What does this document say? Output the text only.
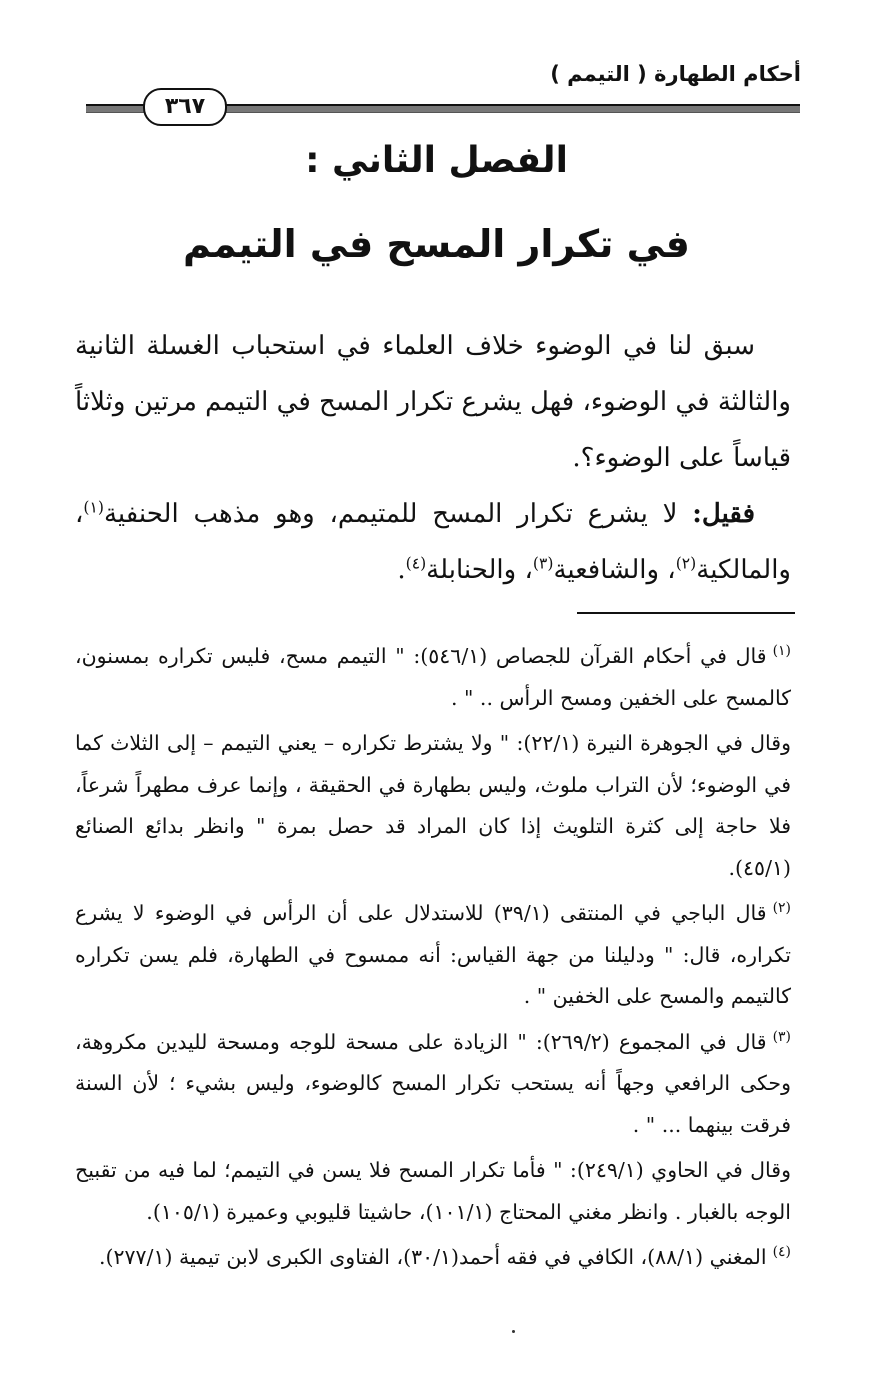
أحكام الطهارة ( التيمم )
٣٦٧
الفصل الثاني :
في تكرار المسح في التيمم

سبق لنا في الوضوء خلاف العلماء في استحباب الغسلة الثانية والثالثة في الوضوء، فهل يشرع تكرار المسح في التيمم مرتين وثلاثاً قياساً على الوضوء؟.

فقيل: لا يشرع تكرار المسح للمتيمم، وهو مذهب الحنفية$^{(١)}$، والمالكية$^{(٢)}$، والشافعية$^{(٣)}$، والحنابلة$^{(٤)}$.

$^{(١)}$قال في أحكام القرآن للجصاص (٥٤٦/١): " التيمم مسح، فليس تكراره بمسنون، كالمسح على الخفين ومسح الرأس .. " .

وقال في الجوهرة النيرة (٢٢/١): " ولا يشترط تكراره – يعني التيمم – إلى الثلاث كما في الوضوء؛ لأن التراب ملوث، وليس بطهارة في الحقيقة ، وإنما عرف مطهراً شرعاً، فلا حاجة إلى كثرة التلويث إذا كان المراد قد حصل بمرة " وانظر بدائع الصنائع (٤٥/١).

$^{(٢)}$قال الباجي في المنتقى (٣٩/١) للاستدلال على أن الرأس في الوضوء لا يشرع تكراره، قال: " ودليلنا من جهة القياس: أنه ممسوح في الطهارة، فلم يسن تكراره كالتيمم والمسح على الخفين " .

$^{(٣)}$قال في المجموع (٢٦٩/٢): " الزيادة على مسحة للوجه ومسحة لليدين مكروهة، وحكى الرافعي وجهاً أنه يستحب تكرار المسح كالوضوء، وليس بشيء ؛ لأن السنة فرقت بينهما ... " .

وقال في الحاوي (٢٤٩/١): " فأما تكرار المسح فلا يسن في التيمم؛ لما فيه من تقبيح الوجه بالغبار . وانظر مغني المحتاج (١٠١/١)، حاشيتا قليوبي وعميرة (١٠٥/١).

$^{(٤)}$المغني (٨٨/١)، الكافي في فقه أحمد(٣٠/١)، الفتاوى الكبرى لابن تيمية (٢٧٧/١).
